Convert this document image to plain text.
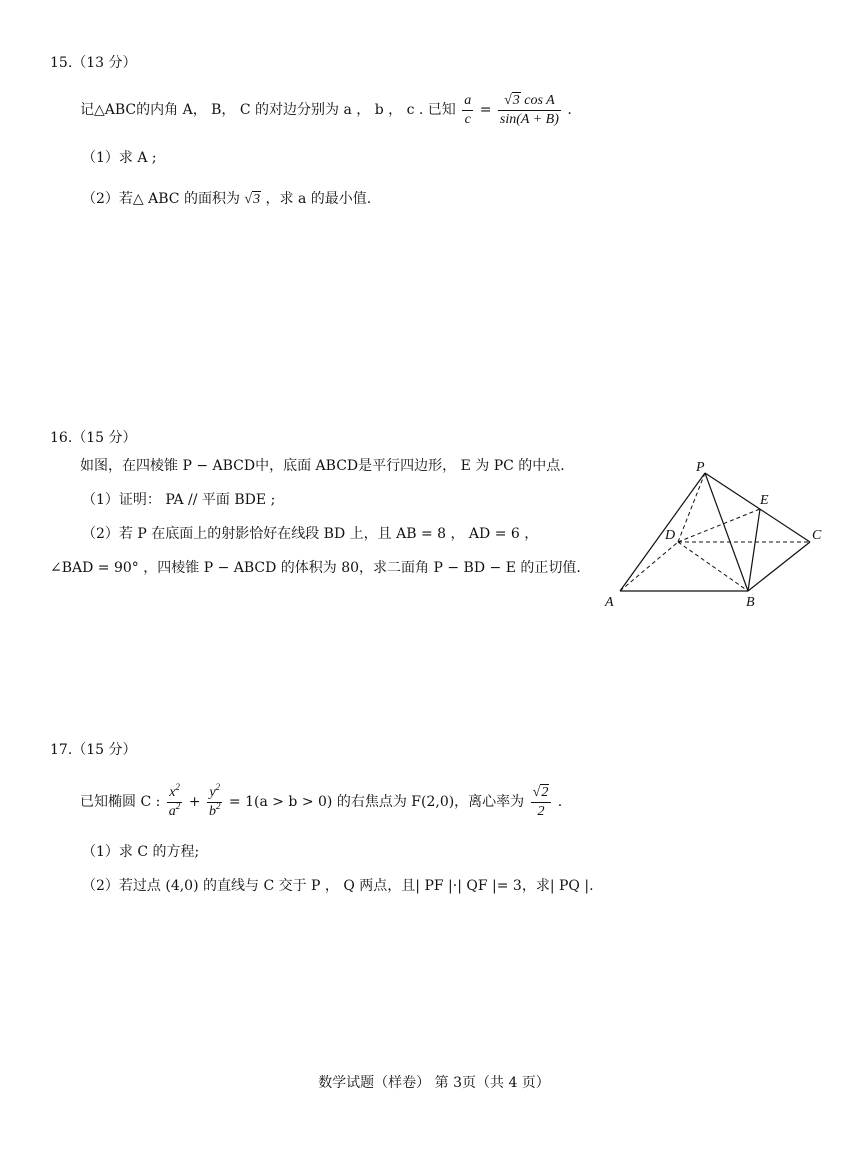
15.（13 分）
记△ABC的内角 A， B， C 的对边分别为 a ， b ， c . 已知 $\frac{a}{c} = \frac{\text{√3 cos A}}{\sin(A + B)}$ .
（1）求 A ;
（2）若△ ABC 的面积为 √3 ，求 a 的最小值.
16.（15 分）
如图，在四棱锥 P − ABCD中，底面 ABCD是平行四边形， E 为 PC 的中点.
（1）证明： PA // 平面 BDE ;
（2）若 P 在底面上的射影恰好在线段 BD 上，且 AB = 8 ， AD = 6 ，
∠BAD = 90° ，四棱锥 P − ABCD 的体积为 80，求二面角 P − BD − E 的正切值.
P
E
D	C
A	B
17.（15 分）
已知椭圆 C : $\frac{x^2}{a^2} + \frac{y^2}{b^2} = 1(a > b > 0)$ 的右焦点为 F(2,0)，离心率为 $\frac{√2}{2}$ .
（1）求 C 的方程;
（2）若过点 (4,0) 的直线与 C 交于 P ， Q 两点，且| PF |·| QF |= 3，求| PQ |.
数学试题（样卷） 第 3页（共 4 页）
